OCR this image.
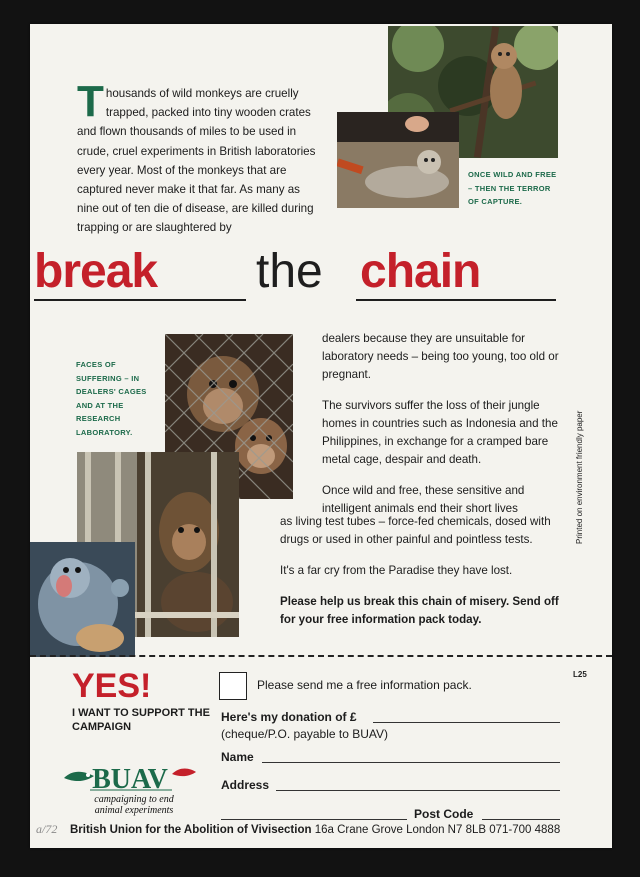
Thousands of wild monkeys are cruelly trapped, packed into tiny wooden crates and flown thousands of miles to be used in crude, cruel experiments in British laboratories every year. Most of the monkeys that are captured never make it that far. As many as nine out of ten die of disease, are killed during trapping or are slaughtered by
ONCE WILD AND FREE
– THEN THE TERROR
OF CAPTURE.
FACES OF
SUFFERING – IN
DEALERS' CAGES
AND AT THE
RESEARCH
LABORATORY.
break the chain

dealers because they are unsuitable for laboratory needs – being too young, too old or pregnant.

The survivors suffer the loss of their jungle homes in countries such as Indonesia and the Philippines, in exchange for a cramped bare metal cage, despair and death.

Once wild and free, these sensitive and intelligent animals end their short lives

as living test tubes – force-fed chemicals, dosed with drugs or used in other painful and pointless tests.

It's a far cry from the Paradise they have lost.

Please help us break this chain of misery. Send off for your free information pack today.

Printed on environment friendly paper
L25
YES!
I WANT TO SUPPORT THE CAMPAIGN
Please send me a free information pack.
Here's my donation of £
(cheque/P.O. payable to BUAV)
Name
Address
Post Code
BUAV
campaigning to end animal experiments
a/72 British Union for the Abolition of Vivisection 16a Crane Grove London N7 8LB 071-700 4888
